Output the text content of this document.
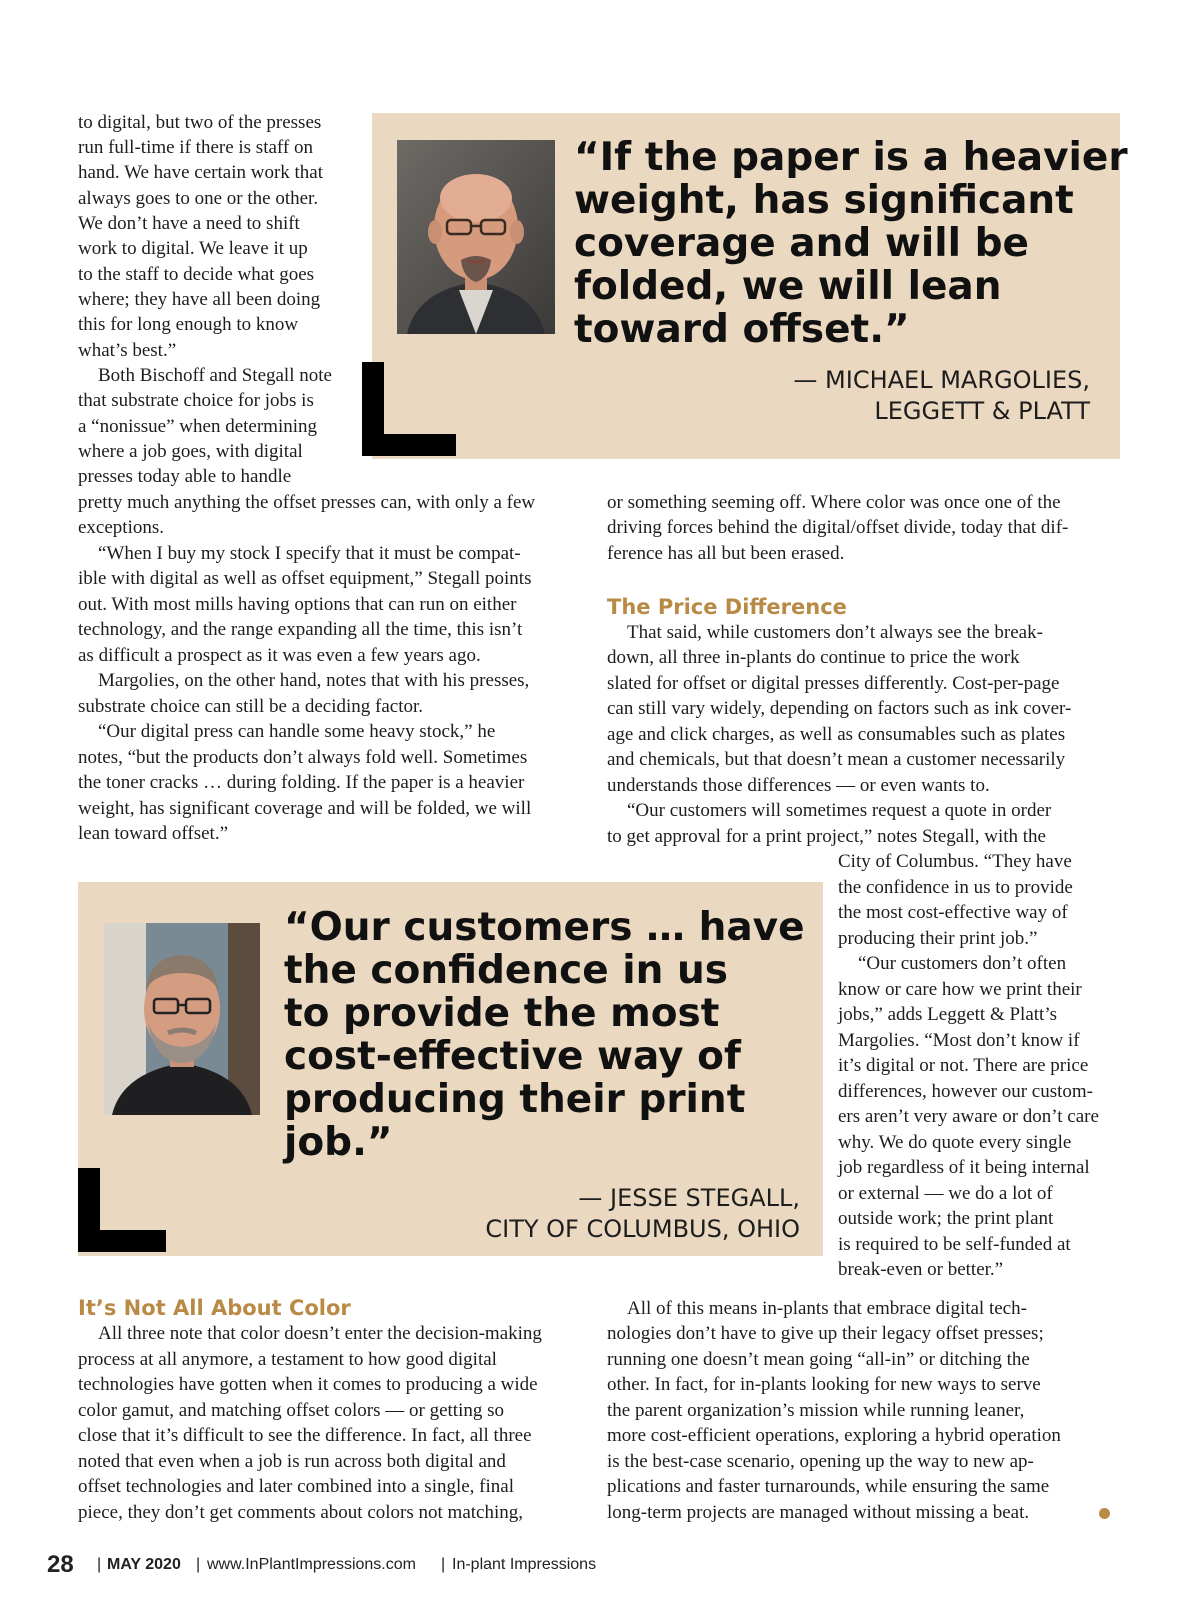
“If the paper is a heavier
weight, has significant
coverage and will be
folded, we will lean
toward offset.”
— MICHAEL MARGOLIES,
LEGGETT & PLATT
to digital, but two of the presses
run full-time if there is staff on
hand. We have certain work that
always goes to one or the other.
We don’t have a need to shift
work to digital. We leave it up
to the staff to decide what goes
where; they have all been doing
this for long enough to know
what’s best.”
Both Bischoff and Stegall note
that substrate choice for jobs is
a “nonissue” when determining
where a job goes, with digital
presses today able to handle
pretty much anything the offset presses can, with only a few
exceptions.
“When I buy my stock I specify that it must be compat-
ible with digital as well as offset equipment,” Stegall points
out. With most mills having options that can run on either
technology, and the range expanding all the time, this isn’t
as difficult a prospect as it was even a few years ago.
Margolies, on the other hand, notes that with his presses,
substrate choice can still be a deciding factor.
“Our digital press can handle some heavy stock,” he
notes, “but the products don’t always fold well. Sometimes
the toner cracks … during folding. If the paper is a heavier
weight, has significant coverage and will be folded, we will
lean toward offset.”
“Our customers … have
the confidence in us
to provide the most
cost-effective way of
producing their print
job.”
— JESSE STEGALL,
CITY OF COLUMBUS, OHIO
It’s Not All About Color
All three note that color doesn’t enter the decision-making
process at all anymore, a testament to how good digital
technologies have gotten when it comes to producing a wide
color gamut, and matching offset colors — or getting so
close that it’s difficult to see the difference. In fact, all three
noted that even when a job is run across both digital and
offset technologies and later combined into a single, final
piece, they don’t get comments about colors not matching,
or something seeming off. Where color was once one of the
driving forces behind the digital/offset divide, today that dif-
ference has all but been erased.
The Price Difference
That said, while customers don’t always see the break-
down, all three in-plants do continue to price the work
slated for offset or digital presses differently. Cost-per-page
can still vary widely, depending on factors such as ink cover-
age and click charges, as well as consumables such as plates
and chemicals, but that doesn’t mean a customer necessarily
understands those differences — or even wants to.
“Our customers will sometimes request a quote in order
to get approval for a print project,” notes Stegall, with the
City of Columbus. “They have
the confidence in us to provide
the most cost-effective way of
producing their print job.”
“Our customers don’t often
know or care how we print their
jobs,” adds Leggett & Platt’s
Margolies. “Most don’t know if
it’s digital or not. There are price
differences, however our custom-
ers aren’t very aware or don’t care
why. We do quote every single
job regardless of it being internal
or external — we do a lot of
outside work; the print plant
is required to be self-funded at
break-even or better.”
All of this means in-plants that embrace digital tech-
nologies don’t have to give up their legacy offset presses;
running one doesn’t mean going “all-in” or ditching the
other. In fact, for in-plants looking for new ways to serve
the parent organization’s mission while running leaner,
more cost-efficient operations, exploring a hybrid operation
is the best-case scenario, opening up the way to new ap-
plications and faster turnarounds, while ensuring the same
long-term projects are managed without missing a beat.
28 | MAY 2020 | www.InPlantImpressions.com | In-plant Impressions
